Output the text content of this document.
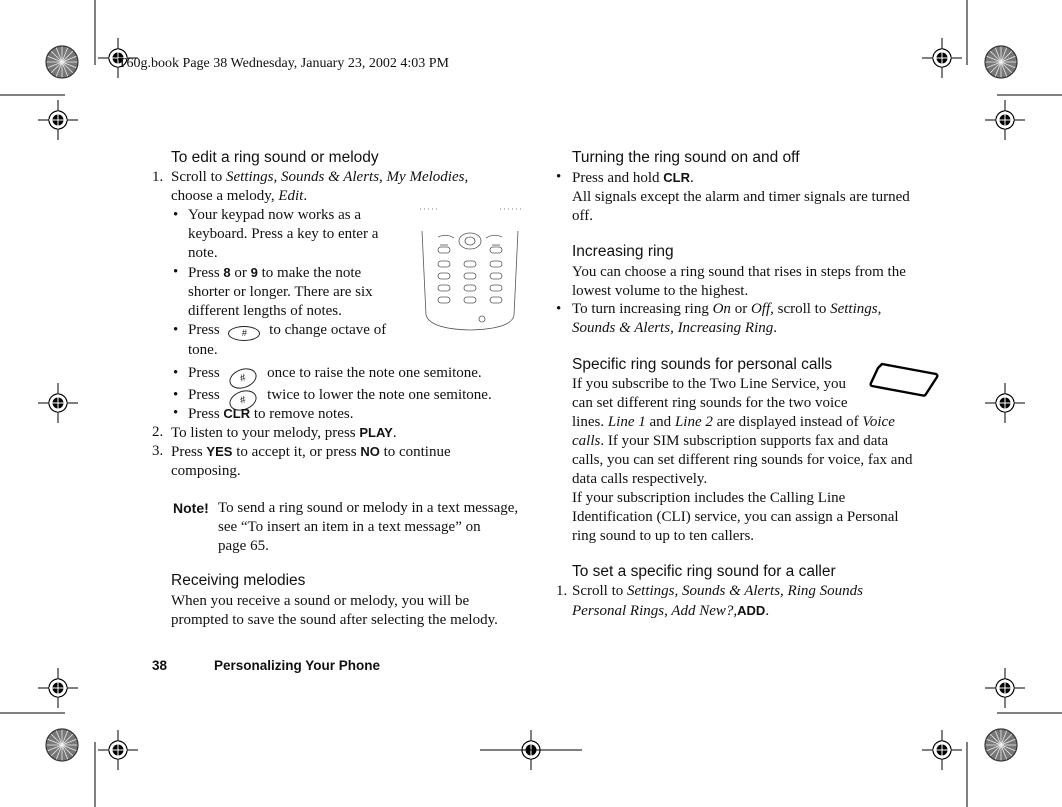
T60g.book Page 38 Wednesday, January 23, 2002 4:03 PM
To edit a ring sound or melody
1. Scroll to Settings, Sounds & Alerts, My Melodies,
choose a melody, Edit.
• Your keypad now works as a
keyboard. Press a key to enter a
note.
• Press 8 or 9 to make the note
shorter or longer. There are six
different lengths of notes.
• Press # to change octave of
tone.
• Press # once to raise the note one semitone.
• Press # twice to lower the note one semitone.
• Press CLR to remove notes.
2. To listen to your melody, press PLAY.
3. Press YES to accept it, or press NO to continue
composing.
Note! To send a ring sound or melody in a text message,
see “To insert an item in a text message” on
page 65.
Receiving melodies
When you receive a sound or melody, you will be
prompted to save the sound after selecting the melody.
38	Personalizing Your Phone
Turning the ring sound on and off
• Press and hold CLR.
All signals except the alarm and timer signals are turned
off.
Increasing ring
You can choose a ring sound that rises in steps from the
lowest volume to the highest.
• To turn increasing ring On or Off, scroll to Settings,
Sounds & Alerts, Increasing Ring.
Specific ring sounds for personal calls
If you subscribe to the Two Line Service, you
can set different ring sounds for the two voice
lines. Line 1 and Line 2 are displayed instead of Voice
calls. If your SIM subscription supports fax and data
calls, you can set different ring sounds for voice, fax and
data calls respectively.
If your subscription includes the Calling Line
Identification (CLI) service, you can assign a Personal
ring sound to up to ten callers.
To set a specific ring sound for a caller
1. Scroll to Settings, Sounds & Alerts, Ring Sounds
Personal Rings, Add New?,ADD.
